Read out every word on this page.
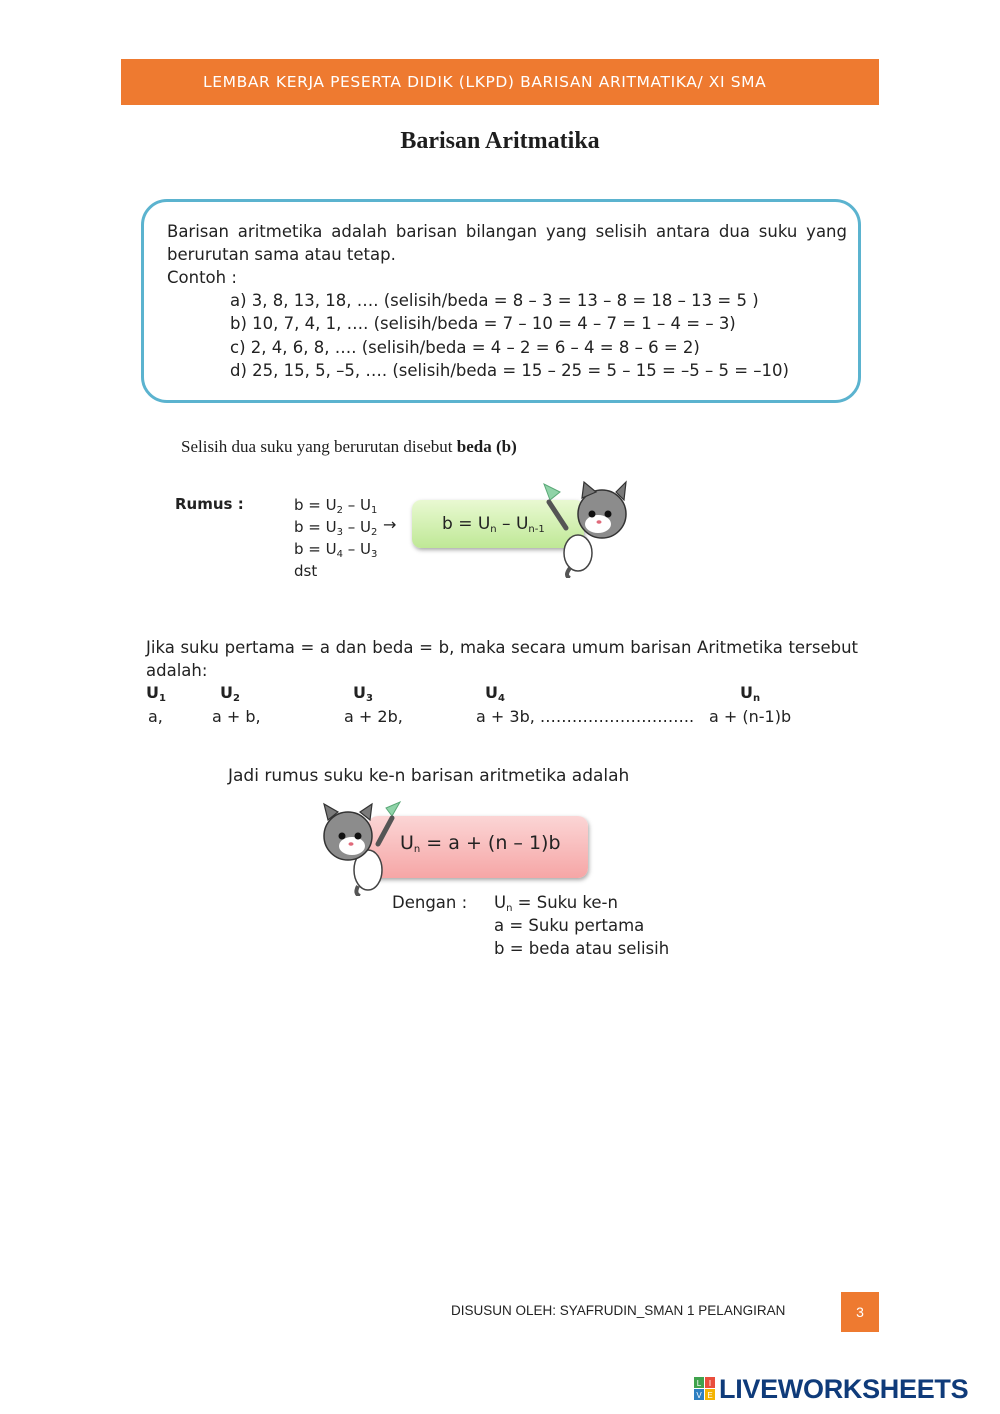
LEMBAR KERJA PESERTA DIDIK (LKPD) BARISAN ARITMATIKA/ XI SMA
Barisan Aritmatika
Barisan aritmetika adalah barisan bilangan yang selisih antara dua suku yang berurutan sama atau tetap.
Contoh :
a) 3, 8, 13, 18, …. (selisih/beda = 8 – 3 = 13 – 8 = 18 – 13 = 5 )
b) 10, 7, 4, 1, …. (selisih/beda = 7 – 10 = 4 – 7 = 1 – 4 = – 3)
c) 2, 4, 6, 8, …. (selisih/beda = 4 – 2 = 6 – 4 = 8 – 6 = 2)
d) 25, 15, 5, –5, …. (selisih/beda = 15 – 25 = 5 – 15 = –5 – 5 = –10)
Selisih dua suku yang berurutan disebut beda (b)
Rumus :	$b = U_2 - U_1$
$b = U_3 - U_2$
$b = U_4 - U_3$
dst
→	$b = U_n - U_{n-1}$
Jika suku pertama = a dan beda = b, maka secara umum barisan Aritmetika tersebut adalah:
$U_1$	$U_2$	$U_3$	$U_4$	$U_n$
a,	a + b,	a + 2b,	a + 3b, ……………………….. a + (n-1)b
Jadi rumus suku ke-n barisan aritmetika adalah
$U_n = a + (n - 1)b$
Dengan : $U_n$ = Suku ke-n
a = Suku pertama
b = beda atau selisih
DISUSUN OLEH: SYAFRUDIN_SMAN 1 PELANGIRAN	3
L I
V E LIVEWORKSHEETS
